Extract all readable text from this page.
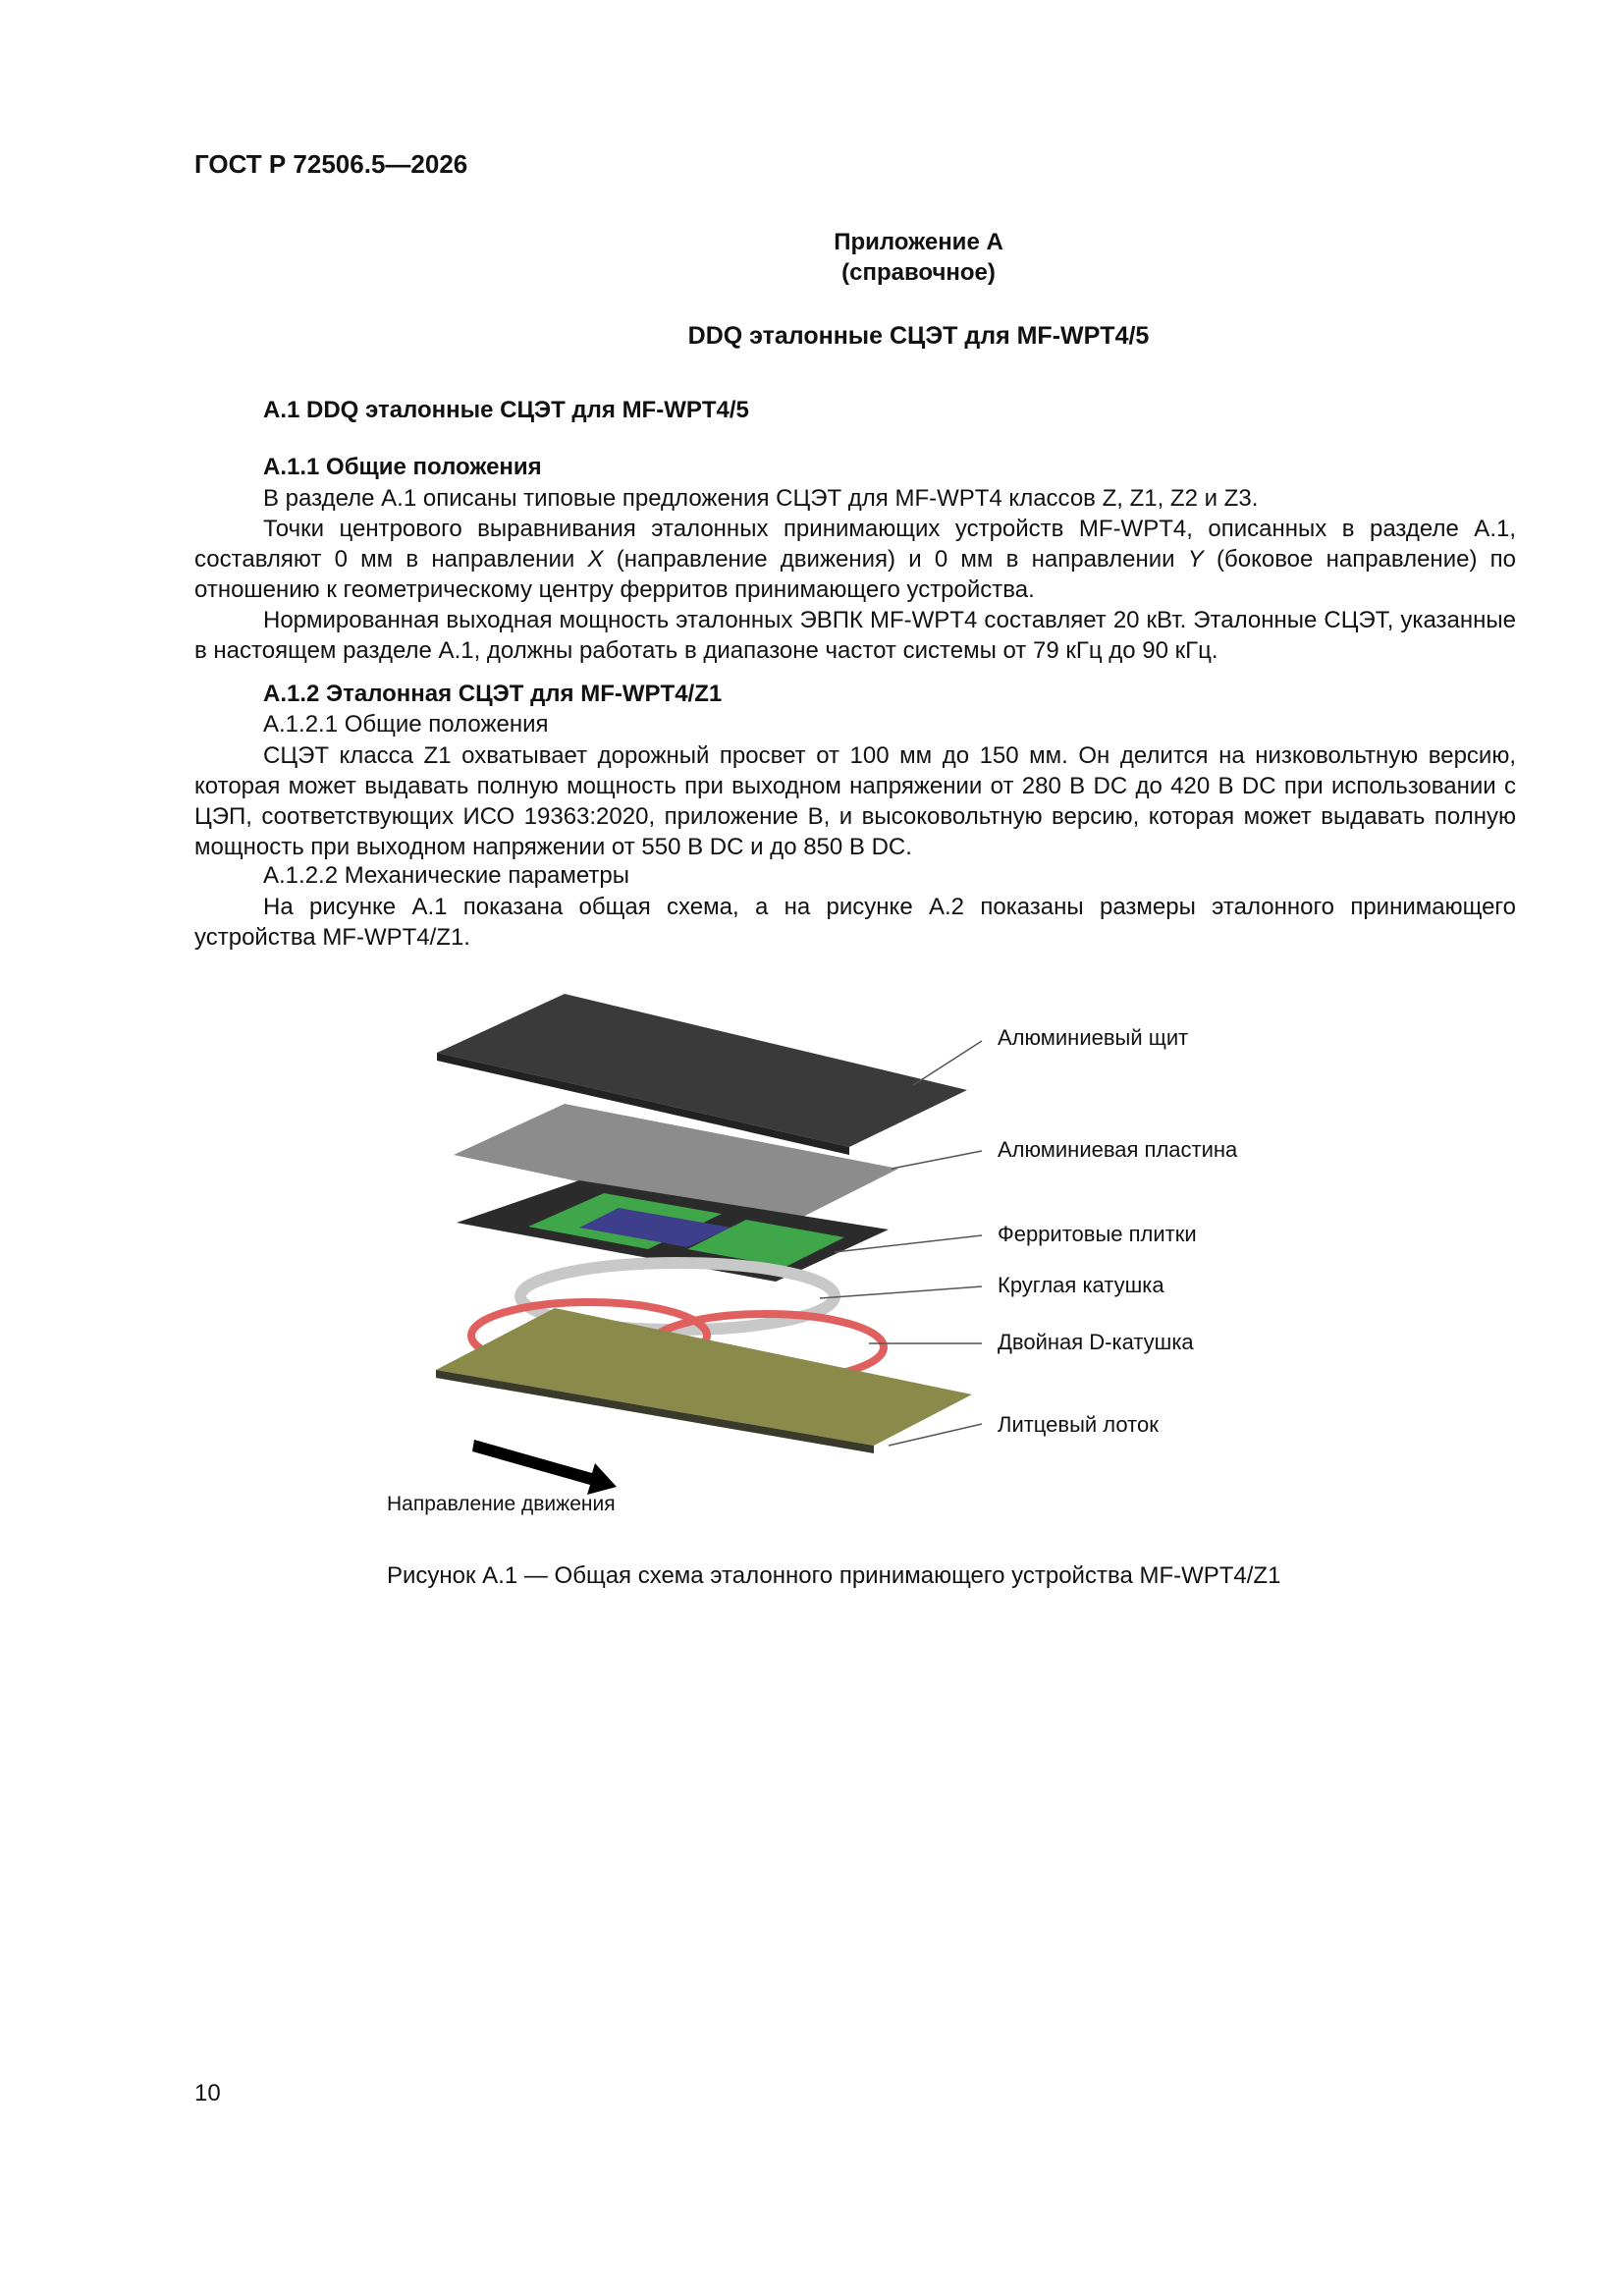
ГОСТ Р 72506.5—2026
Приложение А
(справочное)
DDQ эталонные СЦЭТ для MF-WPT4/5
А.1 DDQ эталонные СЦЭТ для MF-WPT4/5
А.1.1 Общие положения

В разделе А.1 описаны типовые предложения СЦЭТ для MF-WPT4 классов Z, Z1, Z2 и Z3.

Точки центрового выравнивания эталонных принимающих устройств MF-WPT4, описанных в разделе А.1, составляют 0 мм в направлении X (направление движения) и 0 мм в направлении Y (боковое направление) по отношению к геометрическому центру ферритов принимающего устройства.

Нормированная выходная мощность эталонных ЭВПК MF-WPT4 составляет 20 кВт. Эталонные СЦЭТ, указанные в настоящем разделе А.1, должны работать в диапазоне частот системы от 79 кГц до 90 кГц.

А.1.2 Эталонная СЦЭТ для MF-WPT4/Z1
А.1.2.1 Общие положения

СЦЭТ класса Z1 охватывает дорожный просвет от 100 мм до 150 мм. Он делится на низковольтную версию, которая может выдавать полную мощность при выходном напряжении от 280 В DC до 420 В DC при использовании с ЦЭП, соответствующих ИСО 19363:2020, приложение В, и высоковольтную версию, которая может выдавать полную мощность при выходном напряжении от 550 В DC и до 850 В DC.

А.1.2.2 Механические параметры

На рисунке А.1 показана общая схема, а на рисунке А.2 показаны размеры эталонного принимающего устройства MF-WPT4/Z1.

Алюминиевый щит
Алюминиевая пластина
Ферритовые плитки
Круглая катушка
Двойная D-катушка
Литцевый лоток
Направление движения
Рисунок А.1 — Общая схема эталонного принимающего устройства MF-WPT4/Z1
10
